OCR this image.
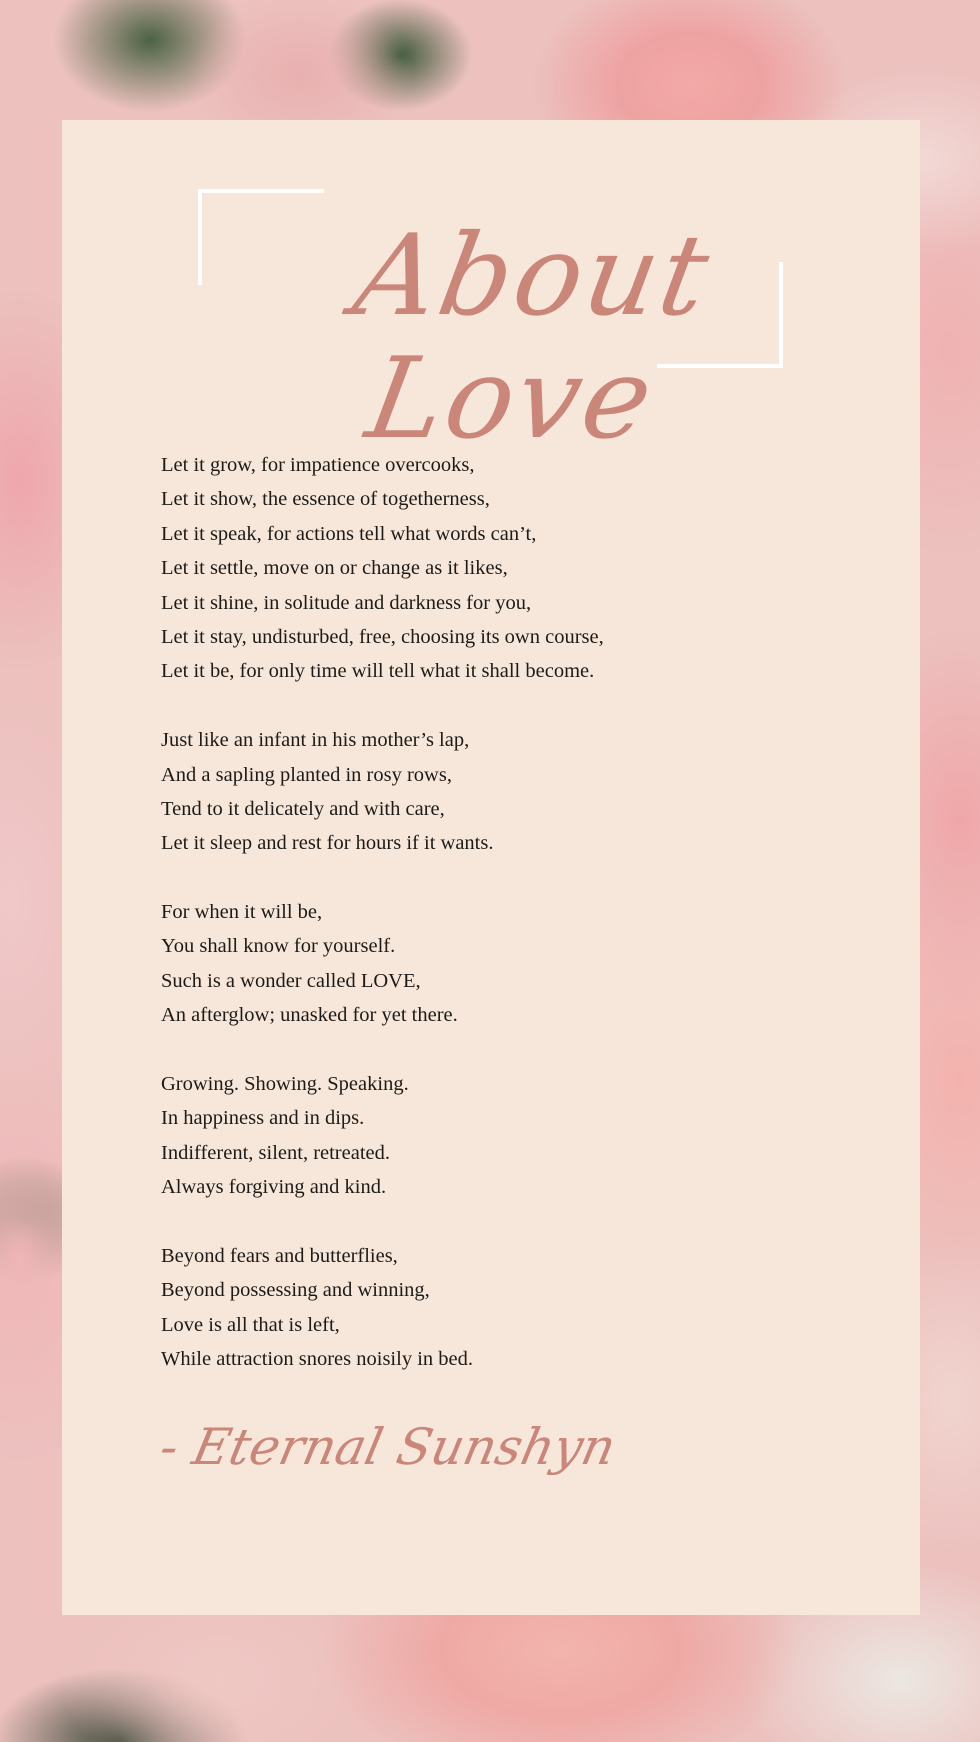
About Love
Let it grow, for impatience overcooks,
Let it show, the essence of togetherness,
Let it speak, for actions tell what words can’t,
Let it settle, move on or change as it likes,
Let it shine, in solitude and darkness for you,
Let it stay, undisturbed, free, choosing its own course,
Let it be, for only time will tell what it shall become.
Just like an infant in his mother’s lap,
And a sapling planted in rosy rows,
Tend to it delicately and with care,
Let it sleep and rest for hours if it wants.
For when it will be,
You shall know for yourself.
Such is a wonder called LOVE,
An afterglow; unasked for yet there.
Growing. Showing. Speaking.
In happiness and in dips.
Indifferent, silent, retreated.
Always forgiving and kind.
Beyond fears and butterflies,
Beyond possessing and winning,
Love is all that is left,
While attraction snores noisily in bed.
- Eternal Sunshyn
